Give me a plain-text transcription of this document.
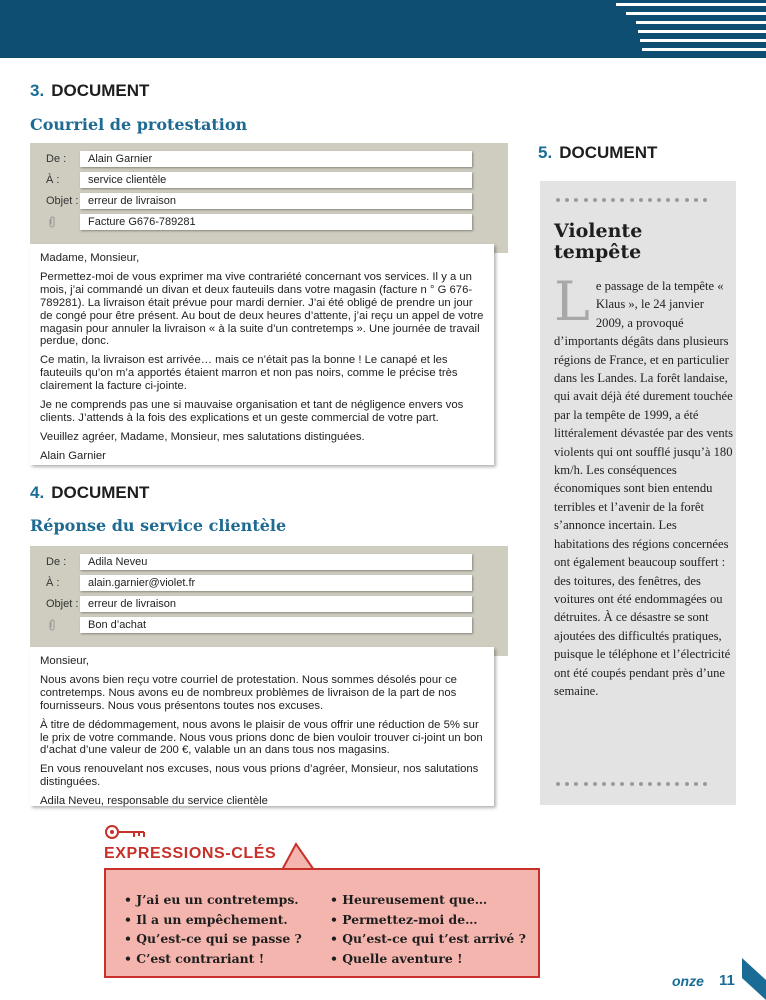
3. DOCUMENT
Courriel de protestation
De :	Alain Garnier
À :	service clientèle
Objet : erreur de livraison
Facture G676-789281

Madame, Monsieur,

Permettez-moi de vous exprimer ma vive contrariété concernant vos services. Il y a un mois, j’ai commandé un divan et deux fauteuils dans votre magasin (facture n ° G 676-789281). La livraison était prévue pour mardi dernier. J’ai été obligé de prendre un jour de congé pour être présent. Au bout de deux heures d’attente, j’ai reçu un appel de votre magasin pour annuler la livraison « à la suite d’un contretemps ». Une journée de travail perdue, donc.

Ce matin, la livraison est arrivée… mais ce n’était pas la bonne ! Le canapé et les fauteuils qu’on m’a apportés étaient marron et non pas noirs, comme le précise très clairement la facture ci-jointe.

Je ne comprends pas une si mauvaise organisation et tant de négligence envers vos clients. J’attends à la fois des explications et un geste commercial de votre part.

Veuillez agréer, Madame, Monsieur, mes salutations distinguées.

Alain Garnier

4. DOCUMENT
Réponse du service clientèle
De :	Adila Neveu
À :	alain.garnier@violet.fr
Objet : erreur de livraison
Bon d’achat

Monsieur,

Nous avons bien reçu votre courriel de protestation. Nous sommes désolés pour ce contretemps. Nous avons eu de nombreux problèmes de livraison de la part de nos fournisseurs. Nous vous présentons toutes nos excuses.

À titre de dédommagement, nous avons le plaisir de vous offrir une réduction de 5% sur le prix de votre commande. Nous vous prions donc de bien vouloir trouver ci-joint un bon d’achat d’une valeur de 200 €, valable un an dans tous nos magasins.

En vous renouvelant nos excuses, nous vous prions d’agréer, Monsieur, nos salutations distinguées.

Adila Neveu, responsable du service clientèle

5. DOCUMENT
Violente tempête
Le passage de la tempête « Klaus », le 24 janvier 2009, a provoqué d’importants dégâts dans plusieurs régions de France, et en particulier dans les Landes. La forêt landaise, qui avait déjà été durement touchée par la tempête de 1999, a été littéralement dévastée par des vents violents qui ont soufflé jusqu’à 180 km/h. Les conséquences économiques sont bien entendu terribles et l’avenir de la forêt s’annonce incertain. Les habitations des régions concernées ont également beaucoup souffert : des toitures, des fenêtres, des voitures ont été endommagées ou détruites. À ce désastre se sont ajoutées des difficultés pratiques, puisque le téléphone et l’électricité ont été coupés pendant près d’une semaine.
EXPRESSIONS-CLÉS
• J’ai eu un contretemps.
• Il a un empêchement.
• Qu’est-ce qui se passe ?
• C’est contrariant !
• Heureusement que…
• Permettez-moi de…
• Qu’est-ce qui t’est arrivé ?
• Quelle aventure !
onze 11
